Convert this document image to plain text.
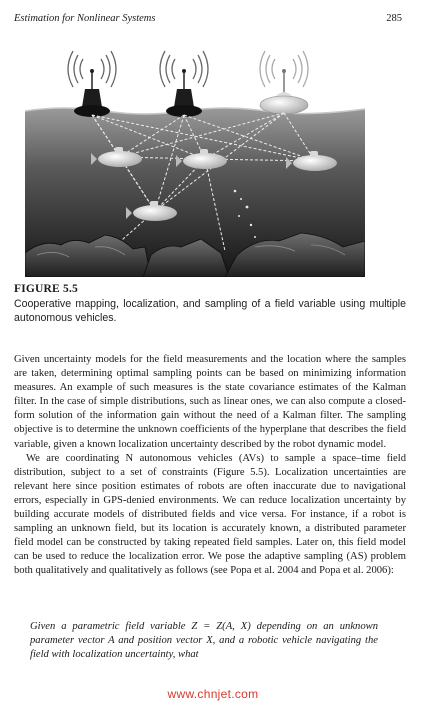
Estimation for Nonlinear Systems	285
FIGURE 5.5
Cooperative mapping, localization, and sampling of a field variable using multiple autonomous vehicles.

Given uncertainty models for the field measurements and the location where the samples are taken, determining optimal sampling points can be based on minimizing information measures. An example of such measures is the state covariance estimates of the Kalman filter. In the case of simple distributions, such as linear ones, we can also compute a closed-form solution of the information gain without the need of a Kalman filter. The sampling objective is to determine the unknown coefficients of the hyperplane that describes the field variable, given a known localization uncertainty described by the robot dynamic model.

We are coordinating N autonomous vehicles (AVs) to sample a space–time field distribution, subject to a set of constraints (Figure 5.5). Localization uncertainties are relevant here since position estimates of robots are often inaccurate due to navigational errors, especially in GPS-denied environments. We can reduce localization uncertainty by building accurate models of distributed fields and vice versa. For instance, if a robot is sampling an unknown field, but its location is accurately known, a distributed parameter field model can be constructed by taking repeated field samples. Later on, this field model can be used to reduce the localization error. We pose the adaptive sampling (AS) problem both qualitatively and qualitatively as follows (see Popa et al. 2004 and Popa et al. 2006):

Given a parametric field variable Z = Z(A, X) depending on an unknown parameter vector A and position vector X, and a robotic vehicle navigating the field with localization uncertainty, what
www.chnjet.com
